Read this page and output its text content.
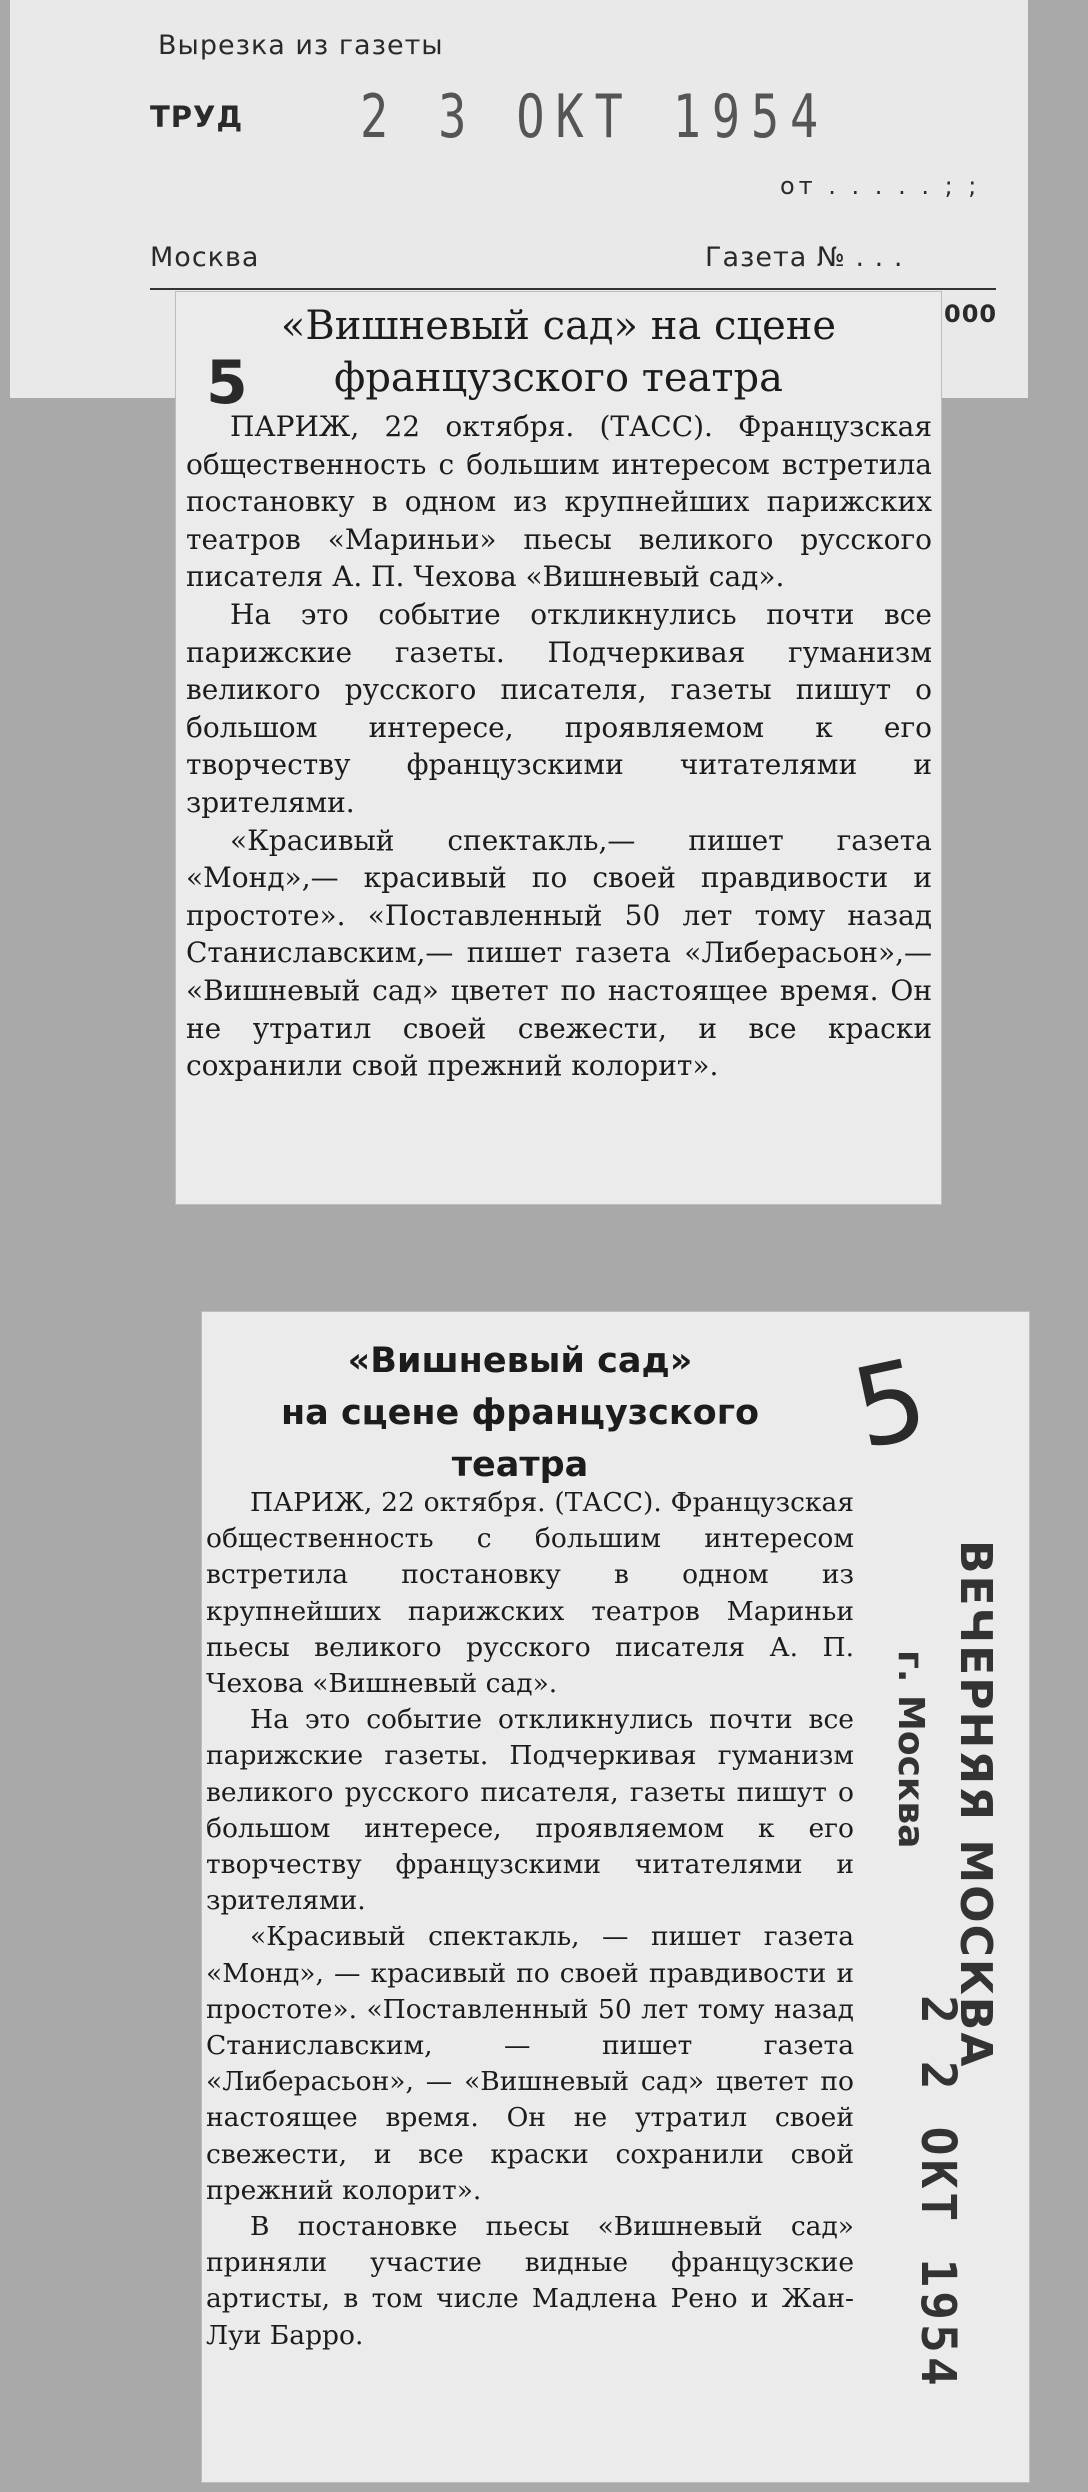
Вырезка из газеты
ТРУД 2 3 ОКТ 1954
от . . . . . ; ;
Москва	Газета № . . .
000
5
«Вишневый сад» на сцене французского театра

ПАРИЖ, 22 октября. (ТАСС). Французская общественность с большим интересом встретила постановку в одном из крупнейших парижских театров «Мариньи» пьесы великого русского писателя А. П. Чехова «Вишневый сад».

На это событие откликнулись почти все парижские газеты. Подчеркивая гуманизм великого русского писателя, газеты пишут о большом интересе, проявляемом к его творчеству французскими читателями и зрителями.

«Красивый спектакль,— пишет газета «Монд»,— красивый по своей правдивости и простоте». «Поставленный 50 лет тому назад Станиславским,— пишет газета «Либерасьон»,— «Вишневый сад» цветет по настоящее время. Он не утратил своей свежести, и все краски сохранили свой прежний колорит».

«Вишневый сад»
на сцене французского
театра

ПАРИЖ, 22 октября. (ТАСС). Французская общественность с большим интересом встретила постановку в одном из крупнейших парижских театров Мариньи пьесы великого русского писателя А. П. Чехова «Вишневый сад».

На это событие откликнулись почти все парижские газеты. Подчеркивая гуманизм великого русского писателя, газеты пишут о большом интересе, проявляемом к его творчеству французскими читателями и зрителями.

«Красивый спектакль, — пишет газета «Монд», — красивый по своей правдивости и простоте». «Поставленный 50 лет тому назад Станиславским, — пишет газета «Либерасьон», — «Вишневый сад» цветет по настоящее время. Он не утратил своей свежести, и все краски сохранили свой прежний колорит».

В постановке пьесы «Вишневый сад» приняли участие видные французские артисты, в том числе Мадлена Рено и Жан-Луи Барро.

5
ВЕЧЕРНЯЯ МОСКВА
г. Москва
2 2 ОКТ 1954
